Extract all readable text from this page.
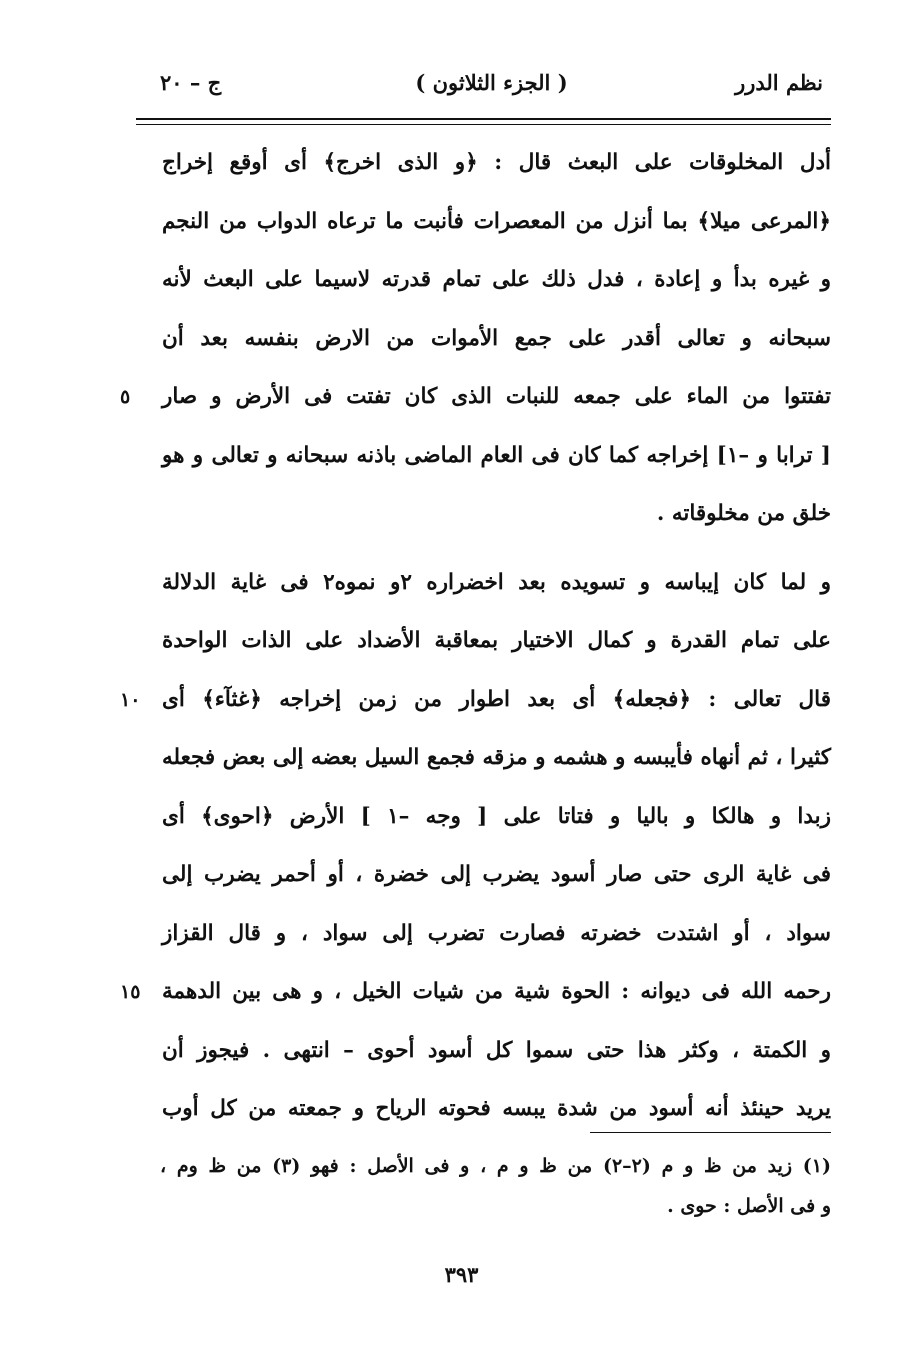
نظم الدرر
( الجزء الثلاثون )
ج – ٢٠
أدل المخلوقات على البعث قال : ﴿و الذى اخرج﴾ أى أوقع إخراج
﴿المرعى ميلا﴾ بما أنزل من المعصرات فأنبت ما ترعاه الدواب من النجم
و غيره بدأ و إعادة ، فدل ذلك على تمام قدرته لاسيما على البعث لأنه
سبحانه و تعالى أقدر على جمع الأموات من الارض بنفسه بعد أن
تفتتوا من الماء على جمعه للنبات الذى كان تفتت فى الأرض و صار
٥
[ ترابا و –١] إخراجه كما كان فى العام الماضى باذنه سبحانه و تعالى و هو
خلق من مخلوقاته .
و لما كان إيباسه و تسويده بعد اخضراره ٢و نموه٢ فى غاية الدلالة
على تمام القدرة و كمال الاختيار بمعاقبة الأضداد على الذات الواحدة
قال تعالى : ﴿فجعله﴾ أى بعد اطوار من زمن إخراجه ﴿غثآء﴾ أى
١٠
كثيرا ، ثم أنهاه فأيبسه و هشمه و مزقه فجمع السيل بعضه إلى بعض فجعله
زبدا و هالكا و باليا و فتاتا على [ وجه –١ ] الأرض ﴿احوى﴾ أى
فى غاية الرى حتى صار أسود يضرب إلى خضرة ، أو أحمر يضرب إلى
سواد ، أو اشتدت خضرته فصارت تضرب إلى سواد ، و قال القزاز
رحمه الله فى ديوانه : الحوة شية من شيات الخيل ، و هى بين الدهمة
١٥
و الكمتة ، وكثر هذا حتى سموا كل أسود أحوى – انتهى . فيجوز أن
يريد حينئذ أنه أسود من شدة يبسه فحوته الرياح و جمعته من كل أوب
(١) زيد من ظ و م (٢–٢) من ظ و م ، و فى الأصل : فهو (٣) من ظ وم ،
و فى الأصل : حوى .
٣٩٣
